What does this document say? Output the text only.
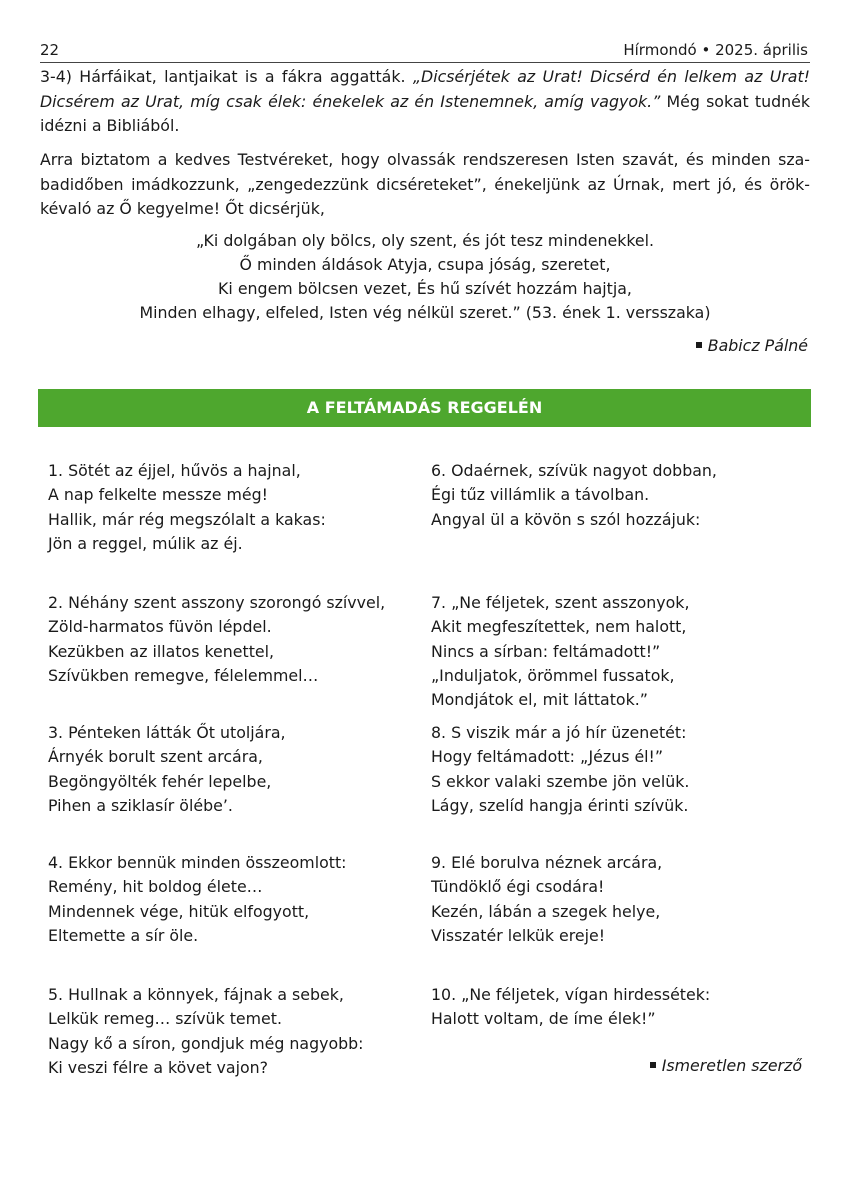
22	Hírmondó • 2025. április
3-4) Hárfáikat, lantjaikat is a fákra aggatták. „Dicsérjétek az Urat! Dicsérd én lelkem az Urat!
Dicsérem az Urat, míg csak élek: énekelek az én Istenemnek, amíg vagyok.” Még sokat tudnék
idézni a Bibliából.
Arra biztatom a kedves Testvéreket, hogy olvassák rendszeresen Isten szavát, és minden sza-
badidőben imádkozzunk, „zengedezzünk dicséreteket”, énekeljünk az Úrnak, mert jó, és örök-
kévaló az Ő kegyelme! Őt dicsérjük,
„Ki dolgában oly bölcs, oly szent, és jót tesz mindenekkel.
Ő minden áldások Atyja, csupa jóság, szeretet,
Ki engem bölcsen vezet, És hű szívét hozzám hajtja,
Minden elhagy, elfeled, Isten vég nélkül szeret.” (53. ének 1. versszaka)
Babicz Pálné
A FELTÁMADÁS REGGELÉN
1. Sötét az éjjel, hűvös a hajnal,
A nap felkelte messze még!
Hallik, már rég megszólalt a kakas:
Jön a reggel, múlik az éj.
2. Néhány szent asszony szorongó szívvel,
Zöld-harmatos füvön lépdel.
Kezükben az illatos kenettel,
Szívükben remegve, félelemmel…
3. Pénteken látták Őt utoljára,
Árnyék borult szent arcára,
Begöngyölték fehér lepelbe,
Pihen a sziklasír ölébe’.
4. Ekkor bennük minden összeomlott:
Remény, hit boldog élete…
Mindennek vége, hitük elfogyott,
Eltemette a sír öle.
5. Hullnak a könnyek, fájnak a sebek,
Lelkük remeg… szívük temet.
Nagy kő a síron, gondjuk még nagyobb:
Ki veszi félre a követ vajon?
6. Odaérnek, szívük nagyot dobban,
Égi tűz villámlik a távolban.
Angyal ül a kövön s szól hozzájuk:
7. „Ne féljetek, szent asszonyok,
Akit megfeszítettek, nem halott,
Nincs a sírban: feltámadott!”
„Induljatok, örömmel fussatok,
Mondjátok el, mit láttatok.”
8. S viszik már a jó hír üzenetét:
Hogy feltámadott: „Jézus él!”
S ekkor valaki szembe jön velük.
Lágy, szelíd hangja érinti szívük.
9. Elé borulva néznek arcára,
Tündöklő égi csodára!
Kezén, lábán a szegek helye,
Visszatér lelkük ereje!
10. „Ne féljetek, vígan hirdessétek:
Halott voltam, de íme élek!”
Ismeretlen szerző
